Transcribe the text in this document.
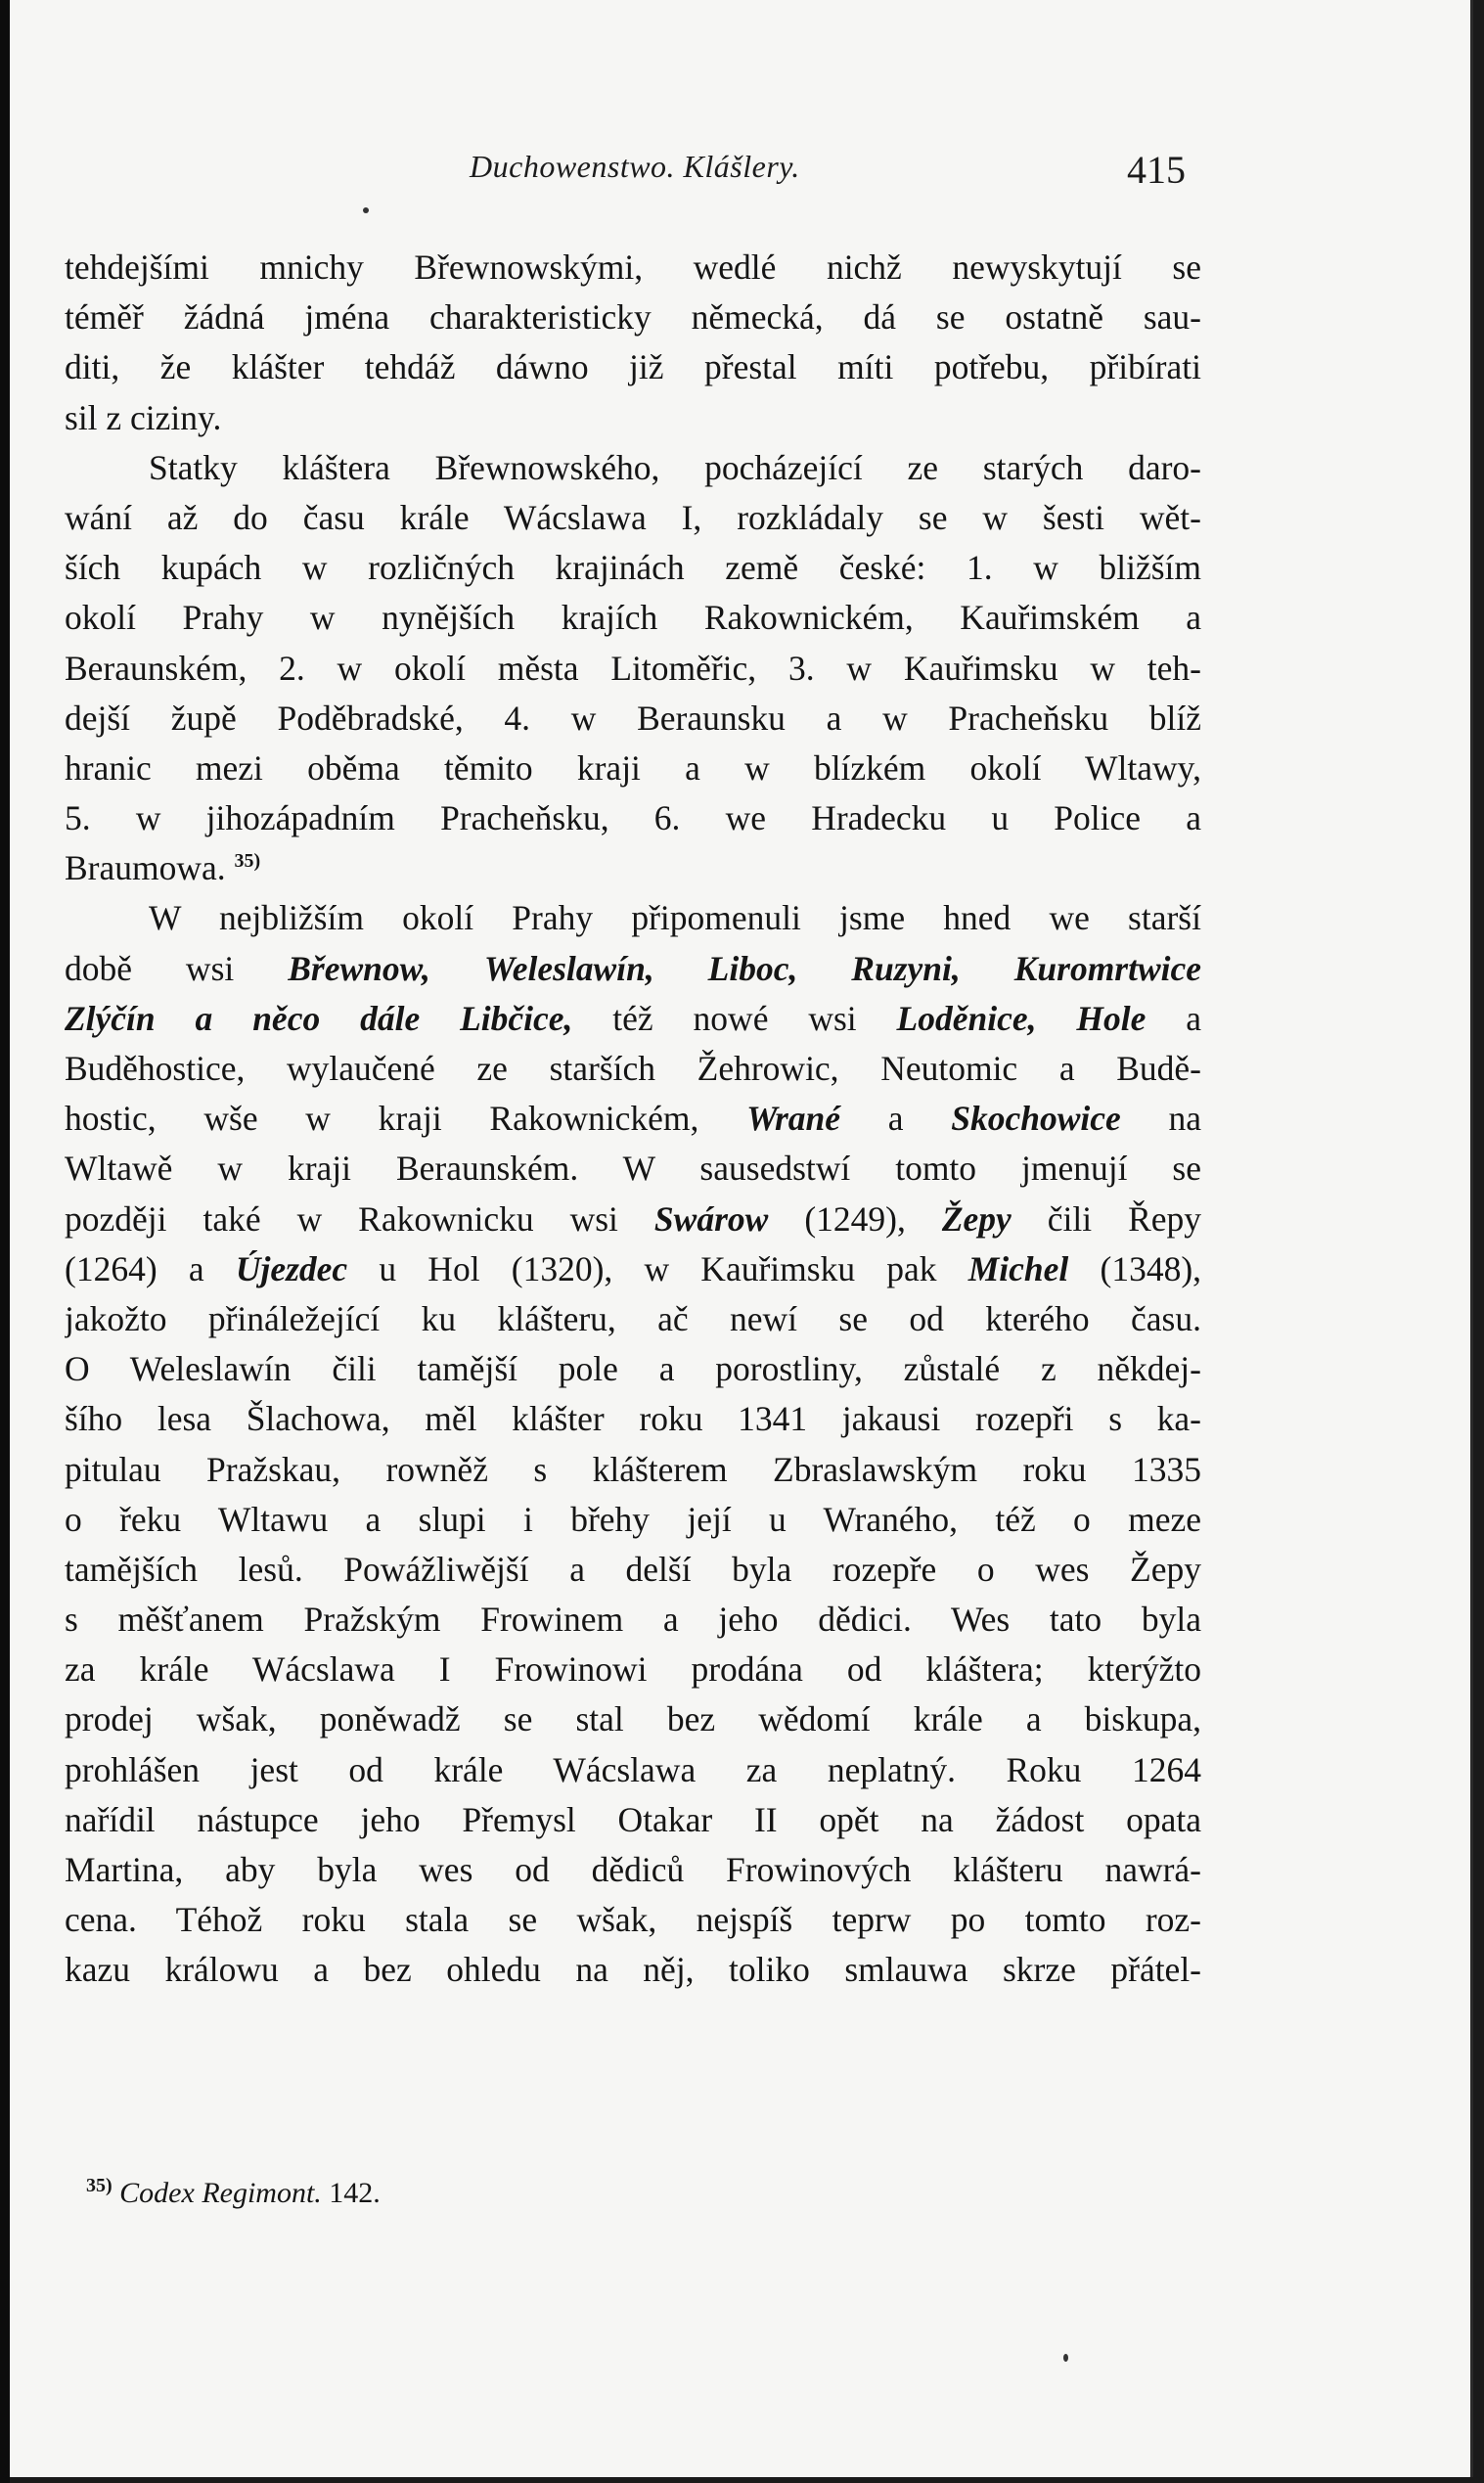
Duchowenstwo. Klášlery.	415
tehdejšími mnichy Břewnowskými, wedlé nichž newyskytují se
téměř žádná jména charakteristicky německá, dá se ostatně sau-
diti, že klášter tehdáž dáwno již přestal míti potřebu, přibírati
sil z ciziny.
Statky kláštera Břewnowského, pocházející ze starých daro-
wání až do času krále Wácslawa I, rozkládaly se w šesti wět-
ších kupách w rozličných krajinách země české: 1. w bližším
okolí Prahy w nynějších krajích Rakownickém, Kauřimském a
Beraunském, 2. w okolí města Litoměřic, 3. w Kauřimsku w teh-
dejší župě Poděbradské, 4. w Beraunsku a w Pracheňsku blíž
hranic mezi oběma těmito kraji a w blízkém okolí Wltawy,
5. w jihozápadním Pracheňsku, 6. we Hradecku u Police a
Braumowa. $^{35)}$
W nejbližším okolí Prahy připomenuli jsme hned we starší
době wsi Břewnow, Weleslawín, Liboc, Ruzyni, Kuromrtwice
Zlýčín a něco dále Libčice, též nowé wsi Loděnice, Hole a
Buděhostice, wylaučené ze starších Žehrowic, Neutomic a Budě-
hostic, wše w kraji Rakownickém, Wrané a Skochowice na
Wltawě w kraji Beraunském. W sausedstwí tomto jmenují se
později také w Rakownicku wsi Swárow (1249), Žepy čili Řepy
(1264) a Újezdec u Hol (1320), w Kauřimsku pak Michel (1348),
jakožto přináležející ku klášteru, ač newí se od kterého času.
O Weleslawín čili tamější pole a porostliny, zůstalé z někdej-
šího lesa Šlachowa, měl klášter roku 1341 jakausi rozepři s ka-
pitulau Pražskau, rowněž s klášterem Zbraslawským roku 1335
o řeku Wltawu a slupi i břehy její u Wraného, též o meze
tamějších lesů. Powážliwější a delší byla rozepře o wes Žepy
s měšťanem Pražským Frowinem a jeho dědici. Wes tato byla
za krále Wácslawa I Frowinowi prodána od kláštera; kterýžto
prodej wšak, poněwadž se stal bez wědomí krále a biskupa,
prohlášen jest od krále Wácslawa za neplatný. Roku 1264
nařídil nástupce jeho Přemysl Otakar II opět na žádost opata
Martina, aby byla wes od dědiců Frowinových klášteru nawrá-
cena. Téhož roku stala se wšak, nejspíš teprw po tomto roz-
kazu králowu a bez ohledu na něj, toliko smlauwa skrze přátel-
$^{35)}$ Codex Regimont. 142.
